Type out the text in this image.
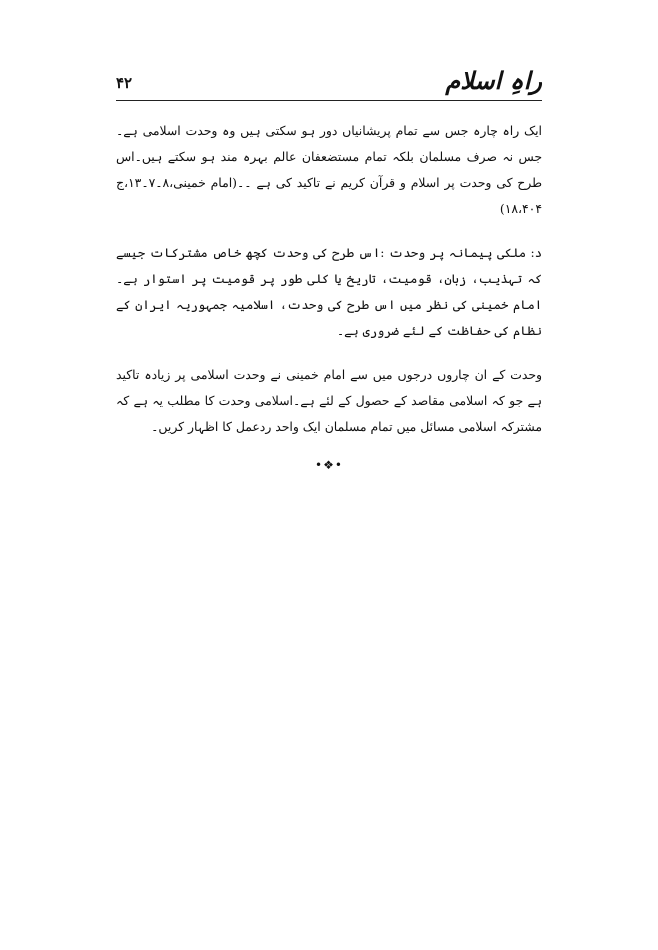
راہِ اسلام
۴۲

ایک راہ چارہ جس سے تمام پریشانیاں دور ہو سکتی ہیں وہ وحدت اسلامی ہے۔جس نہ صرف مسلمان بلکہ تمام مستضعفان عالم بہرہ مند ہو سکتے ہیں۔اس طرح کی وحدت پر اسلام و قرآن کریم نے تاکید کی ہے ۔۔(امام خمینی،۸۔۷۔۱۳،ج ۱۸،۴۰۴)

د: ملکی پیمانہ پر وحدت :اس طرح کی وحدت کچھ خاص مشترکات جیسے کہ تہذیب، زبان، قومیت، تاریخ یا کلی طور پر قومیت پر استوار ہے۔امام خمینی کی نظر میں اس طرح کی وحدت، اسلامیہ جمہوریہ ایران کے نظام کی حفاظت کے لئے ضروری ہے۔

وحدت کے ان چاروں درجوں میں سے امام خمینی نے وحدت اسلامی پر زیادہ تاکید ہے جو کہ اسلامی مقاصد کے حصول کے لئے ہے۔اسلامی وحدت کا مطلب یہ ہے کہ مشترکہ اسلامی مسائل میں تمام مسلمان ایک واحد ردعمل کا اظہار کریں۔

•❖•
